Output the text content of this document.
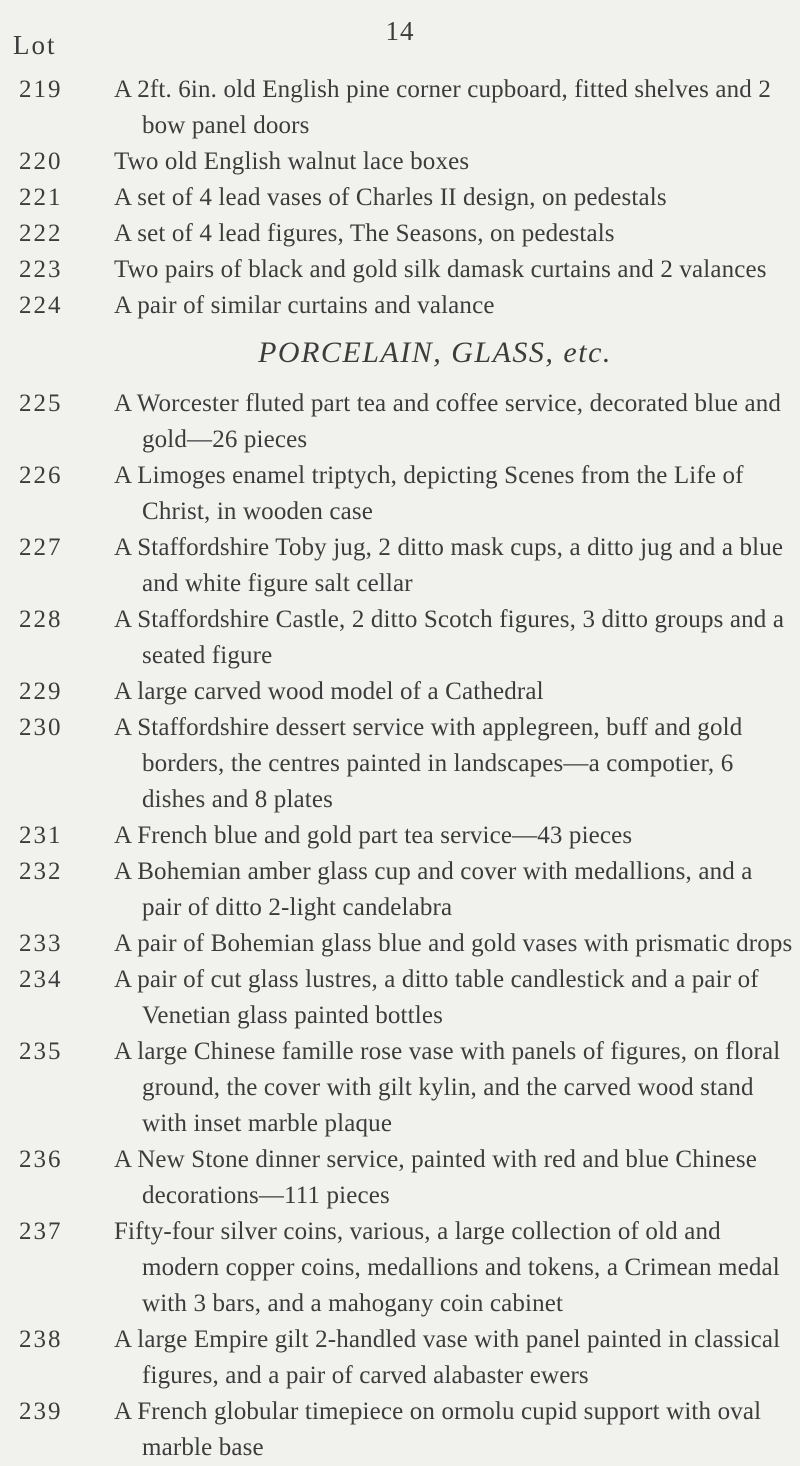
14
Lot
219	A 2ft. 6in. old English pine corner cupboard, fitted shelves and 2 bow panel doors
220	Two old English walnut lace boxes
221	A set of 4 lead vases of Charles II design, on pedestals
222	A set of 4 lead figures, The Seasons, on pedestals
223	Two pairs of black and gold silk damask curtains and 2 valances
224	A pair of similar curtains and valance
PORCELAIN, GLASS, etc.
225	A Worcester fluted part tea and coffee service, decorated blue and gold—26 pieces
226	A Limoges enamel triptych, depicting Scenes from the Life of Christ, in wooden case
227	A Staffordshire Toby jug, 2 ditto mask cups, a ditto jug and a blue and white figure salt cellar
228	A Staffordshire Castle, 2 ditto Scotch figures, 3 ditto groups and a seated figure
229	A large carved wood model of a Cathedral
230	A Staffordshire dessert service with applegreen, buff and gold borders, the centres painted in landscapes—a compotier, 6 dishes and 8 plates
231	A French blue and gold part tea service—43 pieces
232	A Bohemian amber glass cup and cover with medallions, and a pair of ditto 2-light candelabra
233	A pair of Bohemian glass blue and gold vases with prismatic drops
234	A pair of cut glass lustres, a ditto table candlestick and a pair of Venetian glass painted bottles
235	A large Chinese famille rose vase with panels of figures, on floral ground, the cover with gilt kylin, and the carved wood stand with inset marble plaque
236	A New Stone dinner service, painted with red and blue Chinese decorations—111 pieces
237	Fifty-four silver coins, various, a large collection of old and modern copper coins, medallions and tokens, a Crimean medal with 3 bars, and a mahogany coin cabinet
238	A large Empire gilt 2-handled vase with panel painted in classical figures, and a pair of carved alabaster ewers
239	A French globular timepiece on ormolu cupid support with oval marble base
